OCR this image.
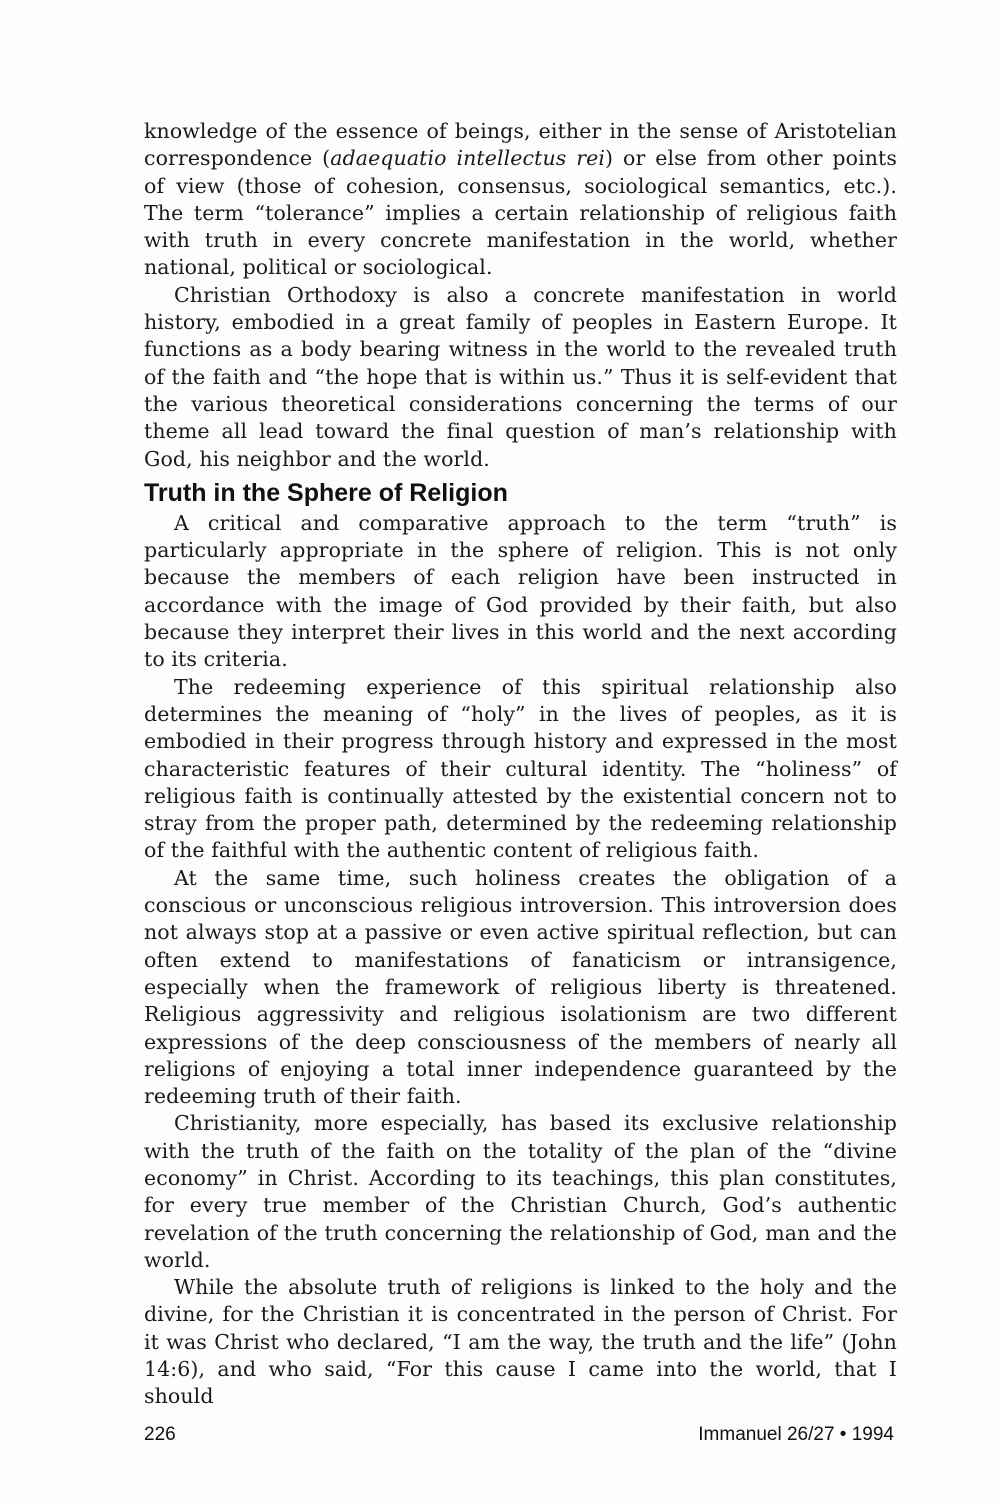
knowledge of the essence of beings, either in the sense of Aristotelian correspondence (adaequatio intellectus rei) or else from other points of view (those of cohesion, consensus, sociological semantics, etc.). The term “tolerance” implies a certain relationship of religious faith with truth in every concrete manifestation in the world, whether national, political or sociological.

Christian Orthodoxy is also a concrete manifestation in world history, embodied in a great family of peoples in Eastern Europe. It functions as a body bearing witness in the world to the revealed truth of the faith and “the hope that is within us.” Thus it is self-evident that the various theoretical considerations concerning the terms of our theme all lead toward the final question of man’s relationship with God, his neighbor and the world.

Truth in the Sphere of Religion

A critical and comparative approach to the term “truth” is particularly appropriate in the sphere of religion. This is not only because the members of each religion have been instructed in accordance with the image of God provided by their faith, but also because they interpret their lives in this world and the next according to its criteria.

The redeeming experience of this spiritual relationship also determines the meaning of “holy” in the lives of peoples, as it is embodied in their progress through history and expressed in the most characteristic features of their cultural identity. The “holiness” of religious faith is continually attested by the existential concern not to stray from the proper path, determined by the redeeming relationship of the faithful with the authentic content of religious faith.

At the same time, such holiness creates the obligation of a conscious or unconscious religious introversion. This introversion does not always stop at a passive or even active spiritual reflection, but can often extend to manifestations of fanaticism or intransigence, especially when the framework of religious liberty is threatened. Religious aggressivity and religious isolationism are two different expressions of the deep consciousness of the members of nearly all religions of enjoying a total inner independence guaranteed by the redeeming truth of their faith.

Christianity, more especially, has based its exclusive relationship with the truth of the faith on the totality of the plan of the “divine economy” in Christ. According to its teachings, this plan constitutes, for every true member of the Christian Church, God’s authentic revelation of the truth concerning the relationship of God, man and the world.

While the absolute truth of religions is linked to the holy and the divine, for the Christian it is concentrated in the person of Christ. For it was Christ who declared, “I am the way, the truth and the life” (John 14:6), and who said, “For this cause I came into the world, that I should

226	Immanuel 26/27 • 1994
